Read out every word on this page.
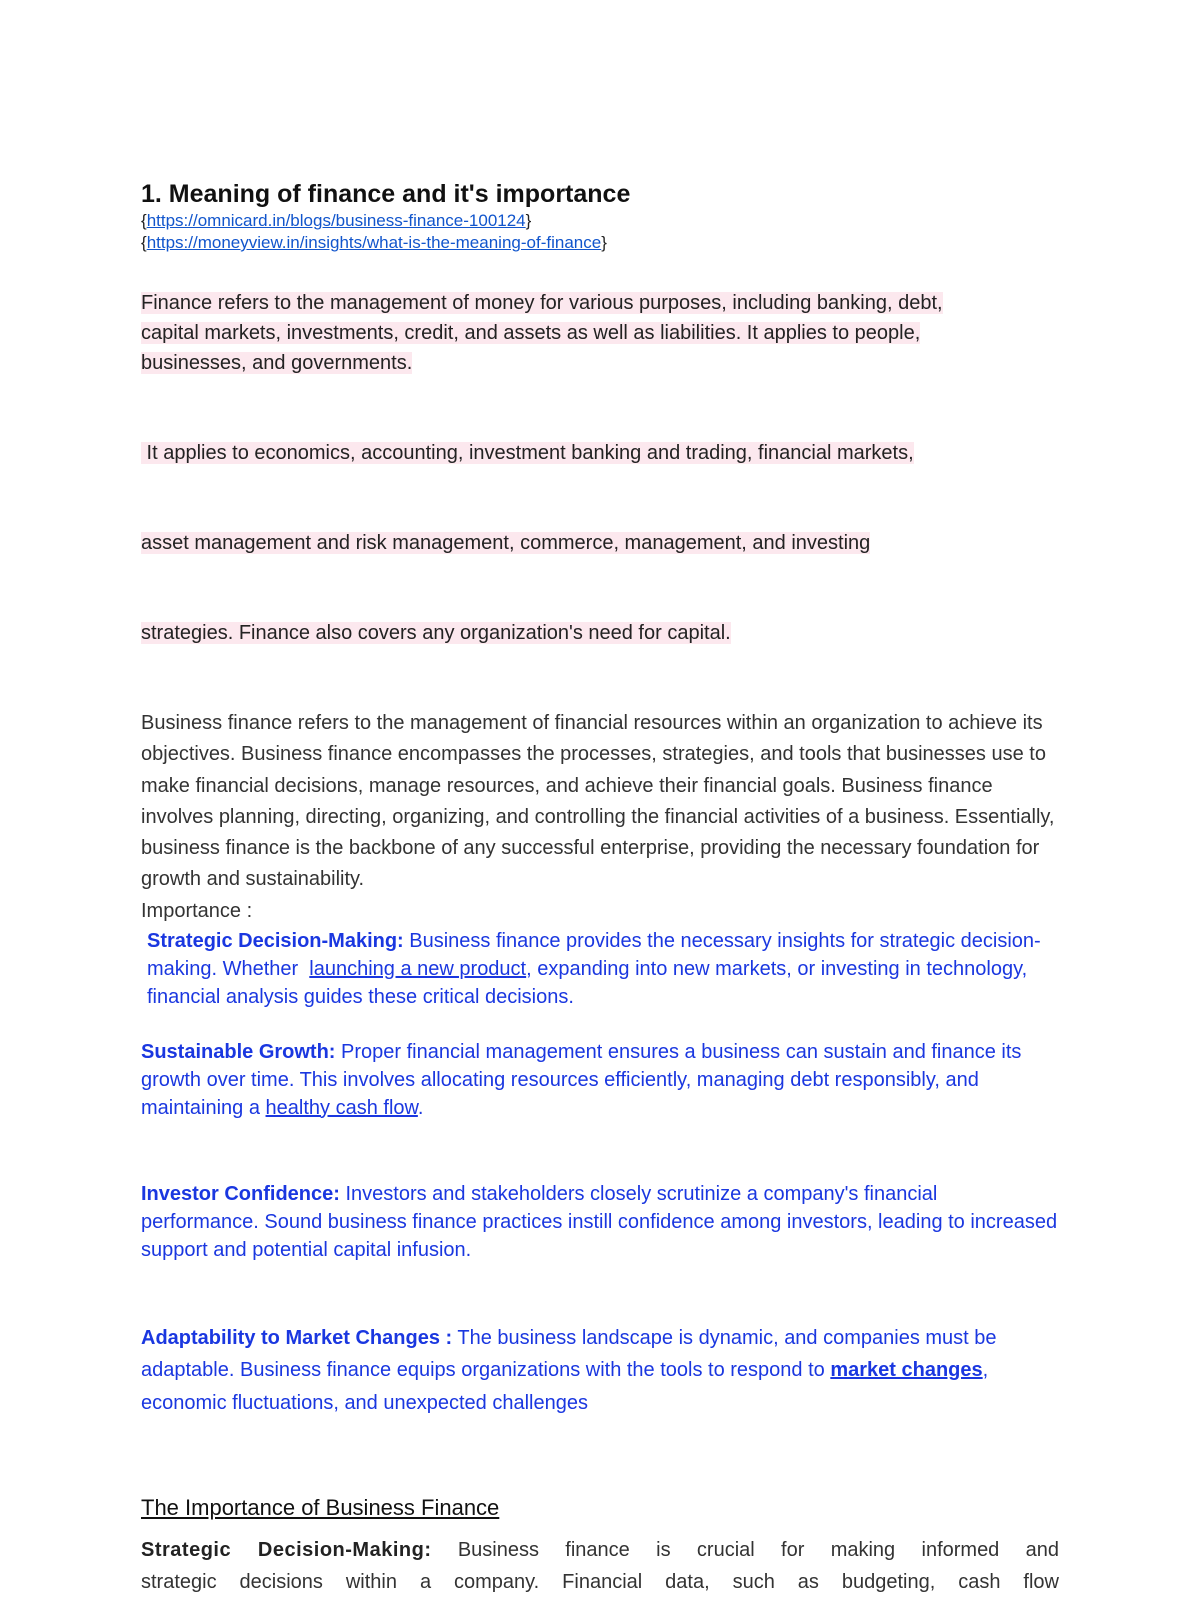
1. Meaning of finance and it's importance
{https://omnicard.in/blogs/business-finance-100124}
{https://moneyview.in/insights/what-is-the-meaning-of-finance}
Finance refers to the management of money for various purposes, including banking, debt,
capital markets, investments, credit, and assets as well as liabilities. It applies to people,
businesses, and governments.

It applies to economics, accounting, investment banking and trading, financial markets,

asset management and risk management, commerce, management, and investing

strategies. Finance also covers any organization's need for capital.

Business finance refers to the management of financial resources within an organization to achieve its objectives. Business finance encompasses the processes, strategies, and tools that businesses use to make financial decisions, manage resources, and achieve their financial goals. Business finance involves planning, directing, organizing, and controlling the financial activities of a business. Essentially, business finance is the backbone of any successful enterprise, providing the necessary foundation for growth and sustainability.

Importance :

Strategic Decision-Making: Business finance provides the necessary insights for strategic decision-making. Whether  launching a new product, expanding into new markets, or investing in technology, financial analysis guides these critical decisions.

Sustainable Growth: Proper financial management ensures a business can sustain and finance its growth over time. This involves allocating resources efficiently, managing debt responsibly, and maintaining a healthy cash flow.

Investor Confidence: Investors and stakeholders closely scrutinize a company's financial performance. Sound business finance practices instill confidence among investors, leading to increased support and potential capital infusion.

Adaptability to Market Changes : The business landscape is dynamic, and companies must be adaptable. Business finance equips organizations with the tools to respond to market changes, economic fluctuations, and unexpected challenges

The Importance of Business Finance

Strategic Decision-Making: Business finance is crucial for making informed and

strategic decisions within a company. Financial data, such as budgeting, cash flow
